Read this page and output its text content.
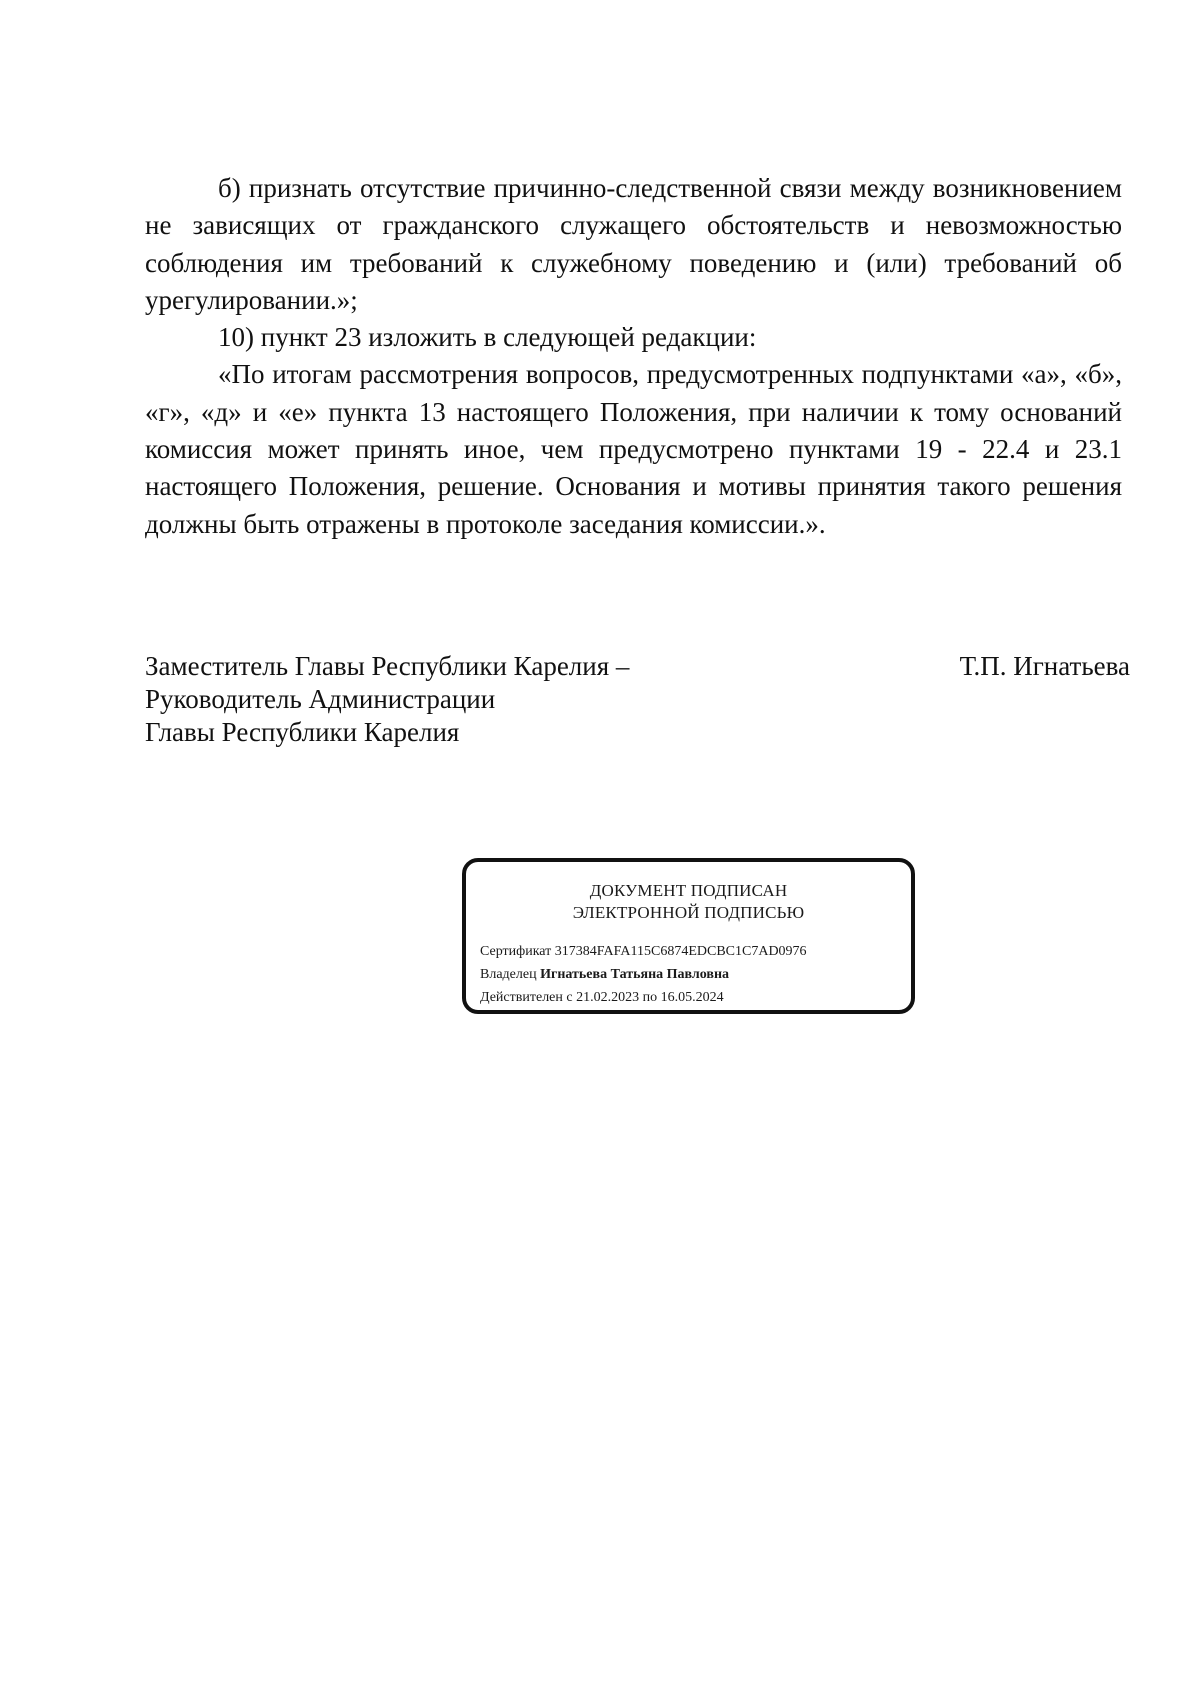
б) признать отсутствие причинно-следственной связи между возникновением не зависящих от гражданского служащего обстоятельств и невозможностью соблюдения им требований к служебному поведению и (или) требований об урегулировании.»;

10) пункт 23 изложить в следующей редакции:

«По итогам рассмотрения вопросов, предусмотренных подпунктами «а», «б», «г», «д» и «е» пункта 13 настоящего Положения, при наличии к тому оснований комиссия может принять иное, чем предусмотрено пунктами 19 - 22.4 и 23.1 настоящего Положения, решение. Основания и мотивы принятия такого решения должны быть отражены в протоколе заседания комиссии.».

Заместитель Главы Республики Карелия –
Руководитель Администрации
Главы Республики Карелия
Т.П. Игнатьева
ДОКУМЕНТ ПОДПИСАН
ЭЛЕКТРОННОЙ ПОДПИСЬЮ
Сертификат 317384FAFA115C6874EDCBC1C7AD0976
Владелец Игнатьева Татьяна Павловна
Действителен с 21.02.2023 по 16.05.2024
